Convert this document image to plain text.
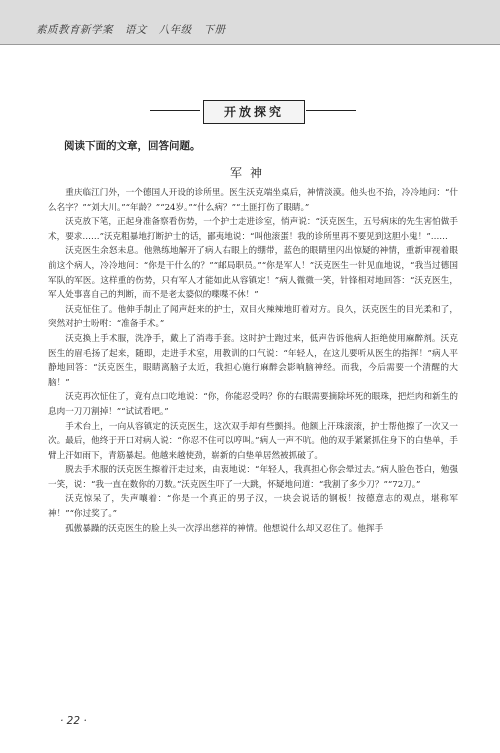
素质教育新学案 语文 八年级 下册
开放探究
阅读下面的文章，回答问题。
军神

重庆临江门外，一个德国人开设的诊所里。医生沃克端坐桌后，神情淡漠。他头也不抬，冷冷地问：“什么名字？”“刘大川。”“年龄？”“24岁。”“什么病？”“土匪打伤了眼睛。”

沃克放下笔，正起身准备察看伤势，一个护士走进诊室，悄声说：“沃克医生，五号病床的先生害怕做手术，要求……”沃克粗暴地打断护士的话，鄙夷地说：“叫他滚蛋！我的诊所里再不要见到这胆小鬼！”……

沃克医生余怒未息。他熟练地解开了病人右眼上的绷带，蓝色的眼睛里闪出惊疑的神情，重新审视着眼前这个病人，冷冷地问：“你是干什么的？”“邮局职员。”“你是军人！”沃克医生一针见血地说，“我当过德国军队的军医。这样重的伤势，只有军人才能如此从容镇定！”病人微微一笑，针锋相对地回答：“沃克医生，军人处事喜自己的判断，而不是老太婆似的喋喋不休！”

沃克怔住了。他伸手制止了闻声赶来的护士，双目火辣辣地盯着对方。良久，沃克医生的目光柔和了，突然对护士吩咐：“准备手术。”

沃克换上手术服，洗净手，戴上了消毒手套。这时护士跑过来，低声告诉他病人拒绝使用麻醉剂。沃克医生的眉毛扬了起来，随即，走进手术室，用教训的口气说：“年轻人，在这儿要听从医生的指挥！”病人平静地回答：“沃克医生，眼睛离脑子太近，我担心施行麻醉会影响脑神经。而我，今后需要一个清醒的大脑！”

沃克再次怔住了，竟有点口吃地说：“你，你能忍受吗？你的右眼需要摘除坏死的眼珠，把烂肉和新生的息肉一刀刀割掉！”“试试看吧。”

手术台上，一向从容镇定的沃克医生，这次双手却有些颤抖。他额上汗珠滚滚，护士帮他擦了一次又一次。最后，他终于开口对病人说：“你忍不住可以哼叫。”病人一声不吭。他的双手紧紧抓住身下的白垫单，手臂上汗如雨下，青筋暴起。他越来越使劲，崭新的白垫单居然被抓破了。

脱去手术服的沃克医生擦着汗走过来，由衷地说：“年轻人，我真担心你会晕过去。”病人脸色苍白，勉强一笑，说：“我一直在数你的刀数。”沃克医生吓了一大跳，怀疑地问道：“我割了多少刀？”“72刀。”

沃克惊呆了，失声嚷着：“你是一个真正的男子汉，一块会说话的钢板！按德意志的观点，堪称军神！”“你过奖了。”

孤傲暴躁的沃克医生的脸上头一次浮出慈祥的神情。他想说什么却又忍住了。他挥手

· 22 ·
